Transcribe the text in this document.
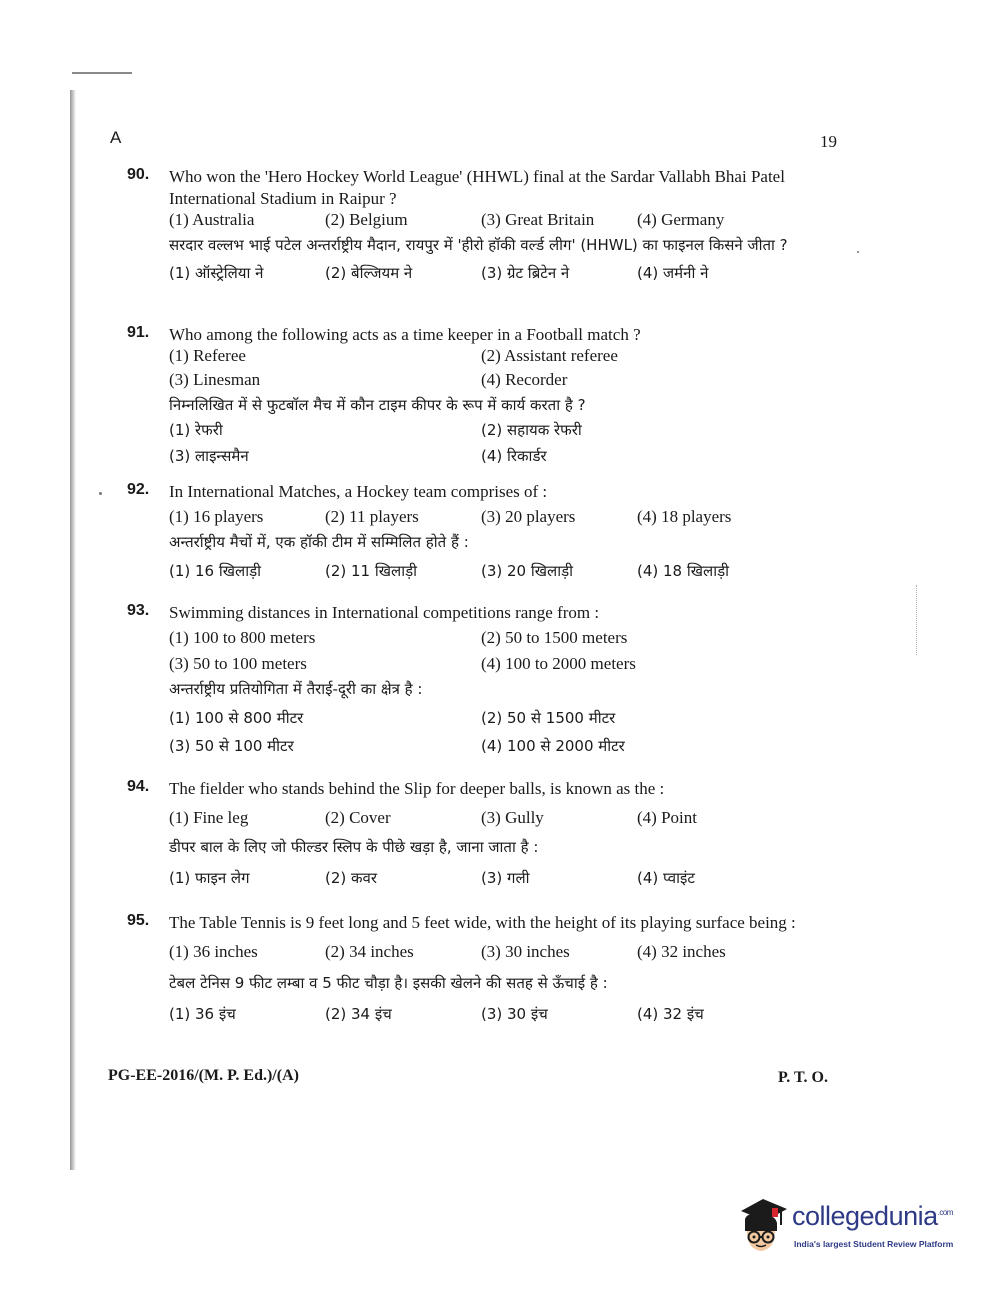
A	19
90. Who won the 'Hero Hockey World League' (HHWL) final at the Sardar Vallabh Bhai Patel International Stadium in Raipur ?
(1) Australia	(2) Belgium	(3) Great Britain	(4) Germany
सरदार वल्लभ भाई पटेल अन्तर्राष्ट्रीय मैदान, रायपुर में 'हीरो हॉकी वर्ल्ड लीग' (HHWL) का फाइनल किसने जीता ?
(1) ऑस्ट्रेलिया ने	(2) बेल्जियम ने	(3) ग्रेट ब्रिटेन ने	(4) जर्मनी ने
91. Who among the following acts as a time keeper in a Football match ?
(1) Referee	(2) Assistant referee
(3) Linesman	(4) Recorder
निम्नलिखित में से फुटबॉल मैच में कौन टाइम कीपर के रूप में कार्य करता है ?
(1) रेफरी	(2) सहायक रेफरी
(3) लाइन्समैन	(4) रिकार्डर
92. In International Matches, a Hockey team comprises of :
(1) 16 players	(2) 11 players	(3) 20 players	(4) 18 players
अन्तर्राष्ट्रीय मैचों में, एक हॉकी टीम में सम्मिलित होते हैं :
(1) 16 खिलाड़ी	(2) 11 खिलाड़ी	(3) 20 खिलाड़ी	(4) 18 खिलाड़ी
93. Swimming distances in International competitions range from :
(1) 100 to 800 meters	(2) 50 to 1500 meters
(3) 50 to 100 meters	(4) 100 to 2000 meters
अन्तर्राष्ट्रीय प्रतियोगिता में तैराई-दूरी का क्षेत्र है :
(1) 100 से 800 मीटर	(2) 50 से 1500 मीटर
(3) 50 से 100 मीटर	(4) 100 से 2000 मीटर
94. The fielder who stands behind the Slip for deeper balls, is known as the :
(1) Fine leg	(2) Cover	(3) Gully	(4) Point
डीपर बाल के लिए जो फील्डर स्लिप के पीछे खड़ा है, जाना जाता है :
(1) फाइन लेग	(2) कवर	(3) गली	(4) प्वाइंट
95. The Table Tennis is 9 feet long and 5 feet wide, with the height of its playing surface being :
(1) 36 inches	(2) 34 inches	(3) 30 inches	(4) 32 inches
टेबल टेनिस 9 फीट लम्बा व 5 फीट चौड़ा है। इसकी खेलने की सतह से ऊँचाई है :
(1) 36 इंच	(2) 34 इंच	(3) 30 इंच	(4) 32 इंच
PG-EE-2016/(M. P. Ed.)/(A)	P. T. O.
collegedunia$^{.com}$
India's largest Student Review Platform
